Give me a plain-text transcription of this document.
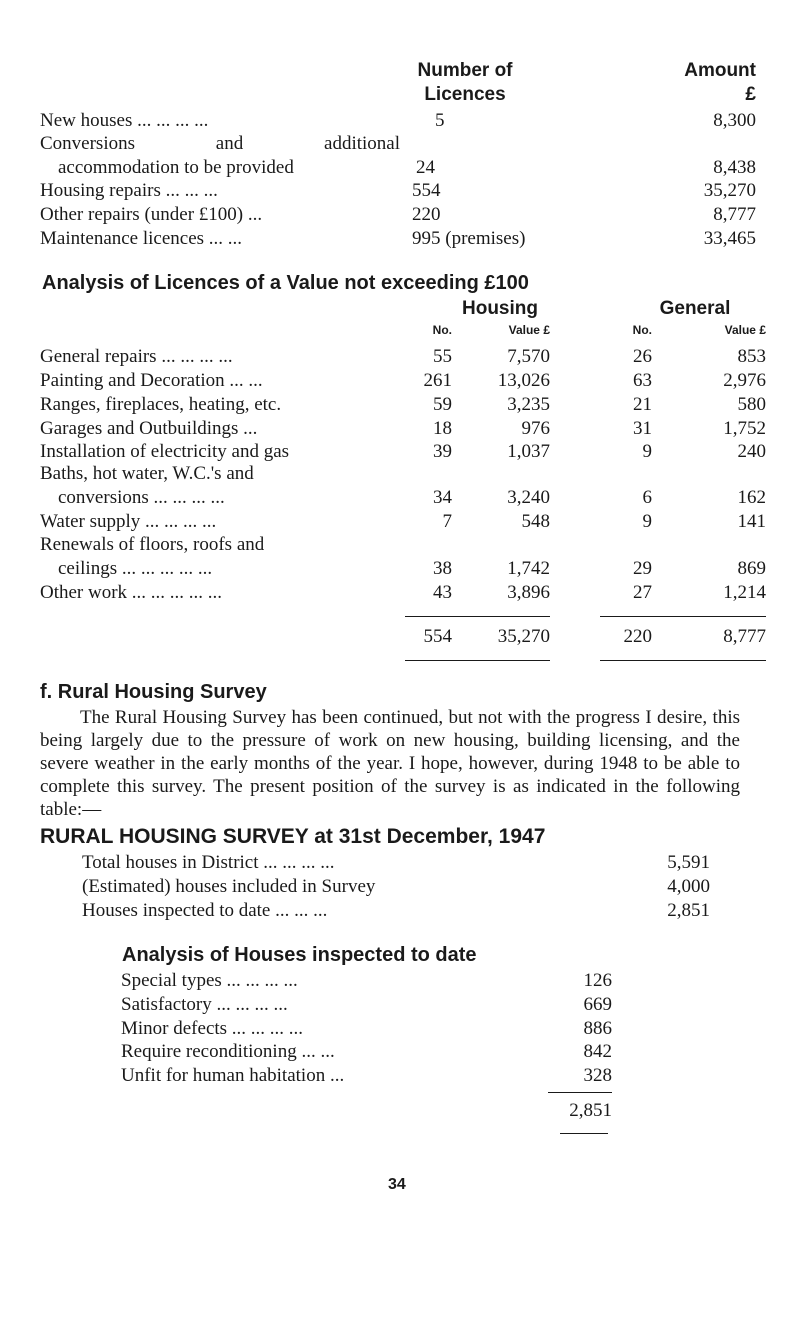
Number of
Licences
Amount
£
New houses ... ... ... ...	5	8,300
Conversions and additional
accommodation to be provided	24	8,438
Housing repairs ... ... ...	554	35,270
Other repairs (under £100) ...	220	8,777
Maintenance licences ... ...	995 (premises)	33,465
Analysis of Licences of a Value not exceeding £100
Housing	General
No.	Value £	No.	Value £
General repairs ... ... ... ...	55	7,570	26	853
Painting and Decoration ... ...	261	13,026	63	2,976
Ranges, fireplaces, heating, etc.	59	3,235	21	580
Garages and Outbuildings ...	18	976	31	1,752
Installation of electricity and gas	39	1,037	9	240
Baths, hot water, W.C.'s and
conversions ... ... ... ...	34	3,240	6	162
Water supply ... ... ... ...	7	548	9	141
Renewals of floors, roofs and
ceilings ... ... ... ... ...	38	1,742	29	869
Other work ... ... ... ... ...	43	3,896	27	1,214
554	35,270	220	8,777
f. Rural Housing Survey

The Rural Housing Survey has been continued, but not with the progress I desire, this being largely due to the pressure of work on new housing, building licensing, and the severe weather in the early months of the year. I hope, however, during 1948 to be able to complete this survey. The present position of the survey is as indicated in the following table:—

RURAL HOUSING SURVEY at 31st December, 1947
Total houses in District ... ... ... ...	5,591
(Estimated) houses included in Survey	4,000
Houses inspected to date ... ... ...	2,851
Analysis of Houses inspected to date
Special types ... ... ... ...	126
Satisfactory ... ... ... ...	669
Minor defects ... ... ... ...	886
Require reconditioning ... ...	842
Unfit for human habitation ...	328
2,851
34
